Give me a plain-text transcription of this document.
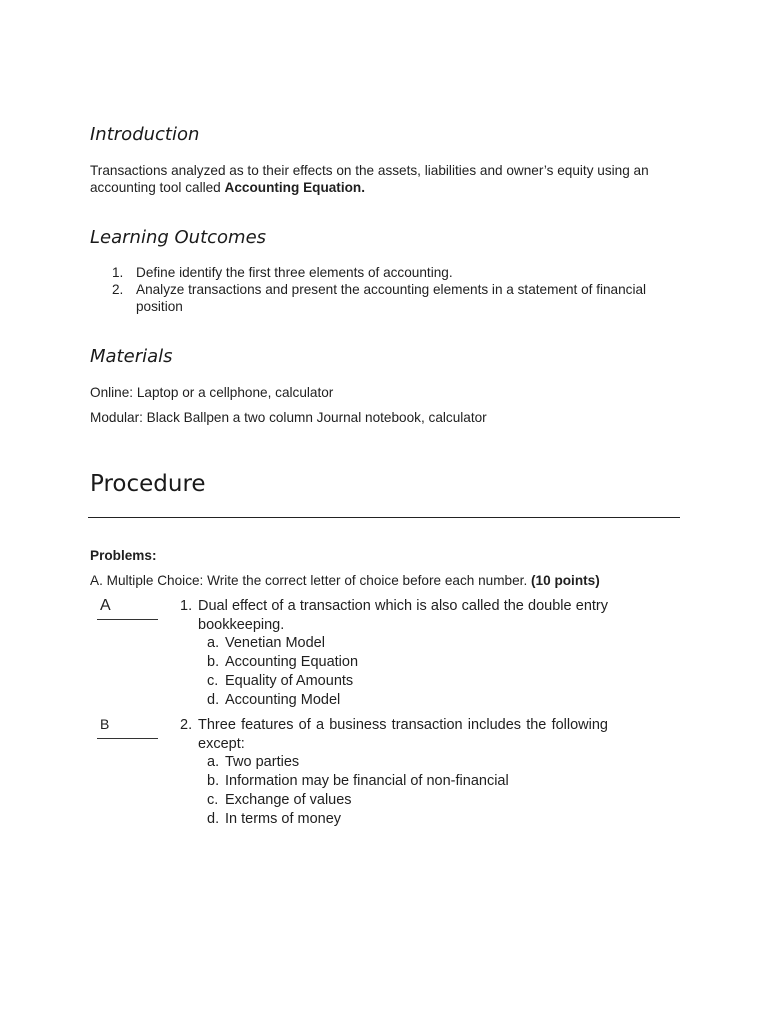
Introduction

Transactions analyzed as to their effects on the assets, liabilities and owner’s equity using an accounting tool called Accounting Equation.

Learning Outcomes
1. Define identify the first three elements of accounting.
2. Analyze transactions and present the accounting elements in a statement of financial position
Materials

Online: Laptop or a cellphone, calculator

Modular: Black Ballpen a two column Journal notebook, calculator

Procedure
Problems:
A. Multiple Choice: Write the correct letter of choice before each number. (10 points)
A	1. Dual effect of a transaction which is also called the double entry bookkeeping.
a. Venetian Model
b. Accounting Equation
c. Equality of Amounts
d. Accounting Model
B	2. Three features of a business transaction includes the following except:
a. Two parties
b. Information may be financial of non-financial
c. Exchange of values
d. In terms of money
